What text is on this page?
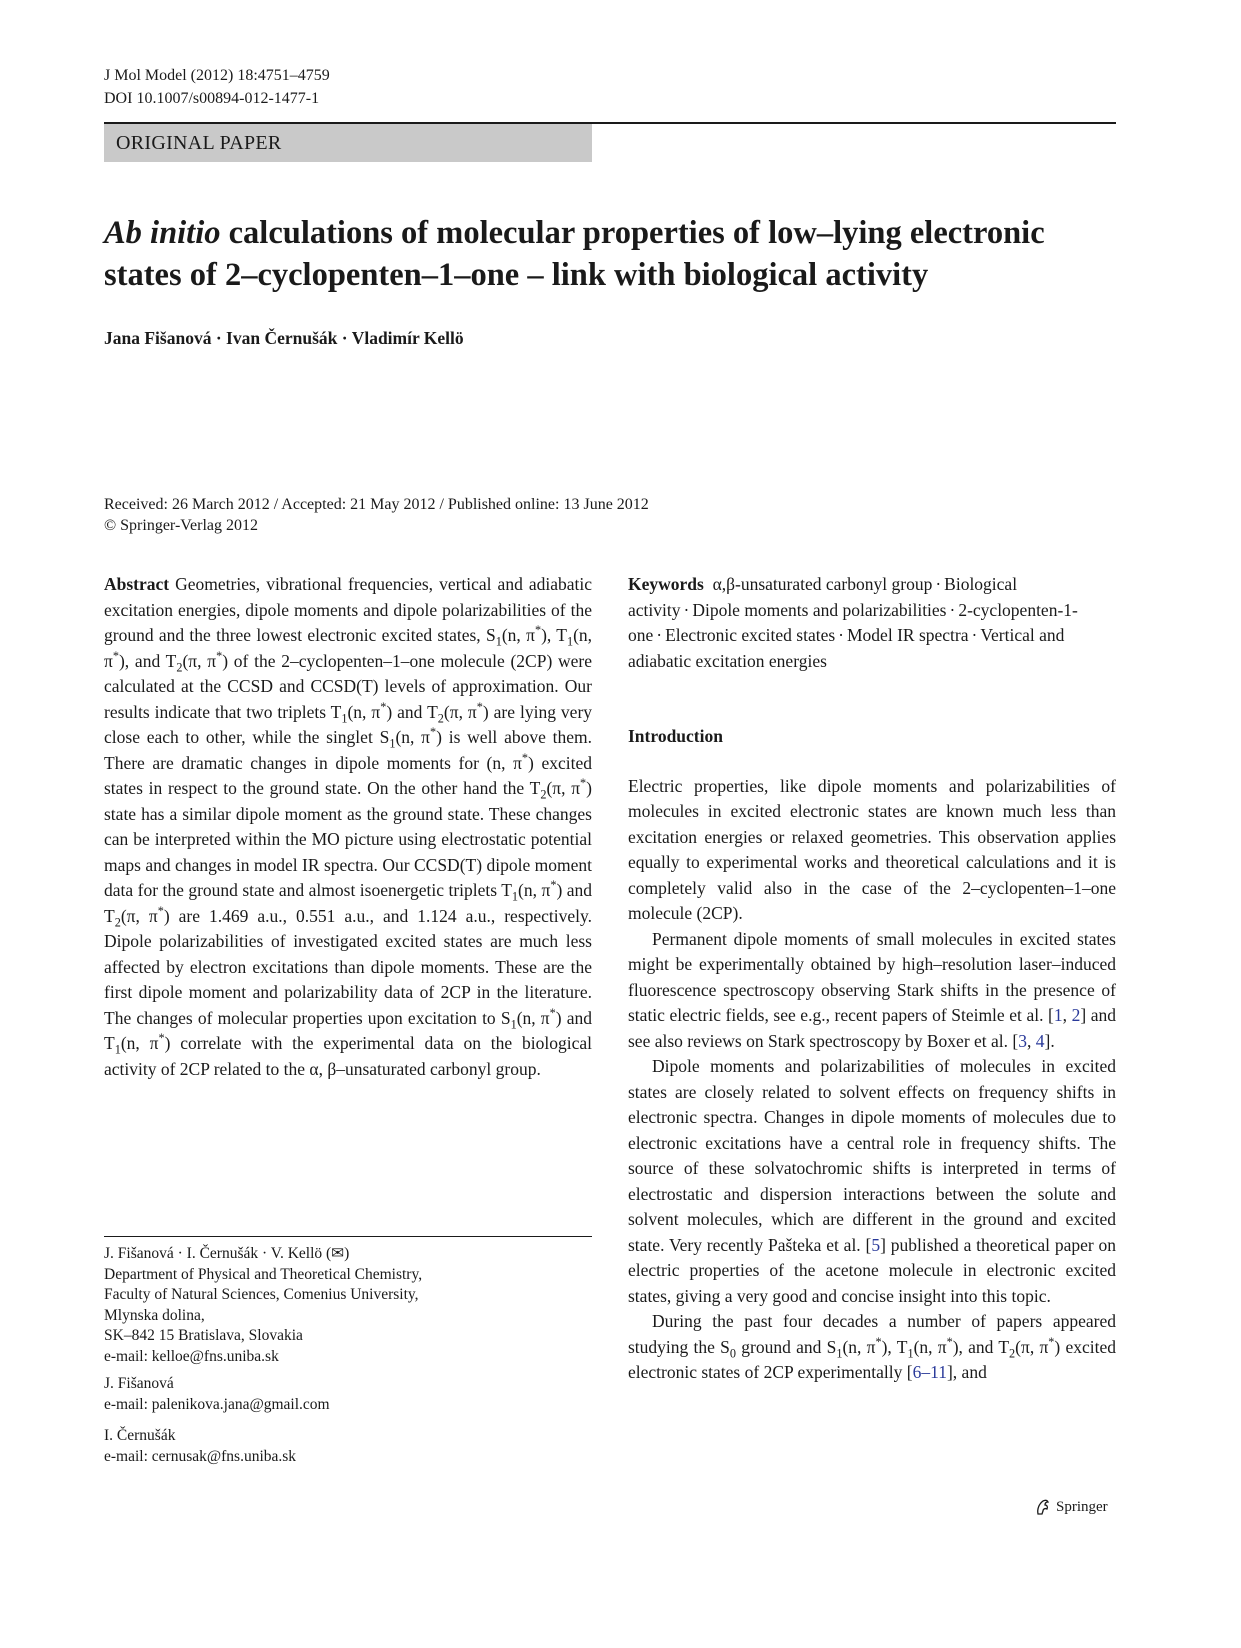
J Mol Model (2012) 18:4751–4759
DOI 10.1007/s00894-012-1477-1
ORIGINAL PAPER
Ab initio calculations of molecular properties of low–lying electronic
states of 2–cyclopenten–1–one – link with biological activity
Jana Fišanová · Ivan Černušák · Vladimír Kellö
Received: 26 March 2012 / Accepted: 21 May 2012 / Published online: 13 June 2012
© Springer-Verlag 2012

Abstract Geometries, vibrational frequencies, vertical and adiabatic excitation energies, dipole moments and dipole polarizabilities of the ground and the three lowest electronic excited states, $S_1(n$, π*), $T_1(n$, π*), and $T_2(\pi$, π*) of the 2–cyclopenten–1–one molecule (2CP) were calculated at the CCSD and CCSD(T) levels of approximation. Our results indicate that two triplets $T_1(n$, π*) and $T_2(\pi$, π*) are lying very close each to other, while the singlet $S_1(n$, π*) is well above them. There are dramatic changes in dipole moments for (n, π*) excited states in respect to the ground state. On the other hand the $T_2(\pi$, π*) state has a similar dipole moment as the ground state. These changes can be interpreted within the MO picture using electrostatic potential maps and changes in model IR spectra. Our CCSD(T) dipole moment data for the ground state and almost isoenergetic triplets $T_1(n$, π*) and $T_2(\pi$, π*) are 1.469 a.u., 0.551 a.u., and 1.124 a.u., respectively. Dipole polarizabilities of investigated excited states are much less affected by electron excitations than dipole moments. These are the first dipole moment and polarizability data of 2CP in the literature. The changes of molecular properties upon excitation to $S_1(n$, π*) and $T_1(n$, π*) correlate with the experimental data on the biological activity of 2CP related to the α, β–unsaturated carbonyl group.

J. Fišanová · I. Černušák · V. Kellö (✉)
Department of Physical and Theoretical Chemistry,
Faculty of Natural Sciences, Comenius University,
Mlynska dolina,
SK–842 15 Bratislava, Slovakia
e-mail: kelloe@fns.uniba.sk
J. Fišanová
e-mail: palenikova.jana@gmail.com
I. Černušák
e-mail: cernusak@fns.uniba.sk

Keywords α,β-unsaturated carbonyl group · Biological activity · Dipole moments and polarizabilities · 2-cyclopenten-1-one · Electronic excited states · Model IR spectra · Vertical and adiabatic excitation energies

Introduction

Electric properties, like dipole moments and polarizabilities of molecules in excited electronic states are known much less than excitation energies or relaxed geometries. This observation applies equally to experimental works and theoretical calculations and it is completely valid also in the case of the 2–cyclopenten–1–one molecule (2CP).

Permanent dipole moments of small molecules in excited states might be experimentally obtained by high–resolution laser–induced fluorescence spectroscopy observing Stark shifts in the presence of static electric fields, see e.g., recent papers of Steimle et al. [1, 2] and see also reviews on Stark spectroscopy by Boxer et al. [3, 4].

Dipole moments and polarizabilities of molecules in excited states are closely related to solvent effects on frequency shifts in electronic spectra. Changes in dipole moments of molecules due to electronic excitations have a central role in frequency shifts. The source of these solvatochromic shifts is interpreted in terms of electrostatic and dispersion interactions between the solute and solvent molecules, which are different in the ground and excited state. Very recently Pašteka et al. [5] published a theoretical paper on electric properties of the acetone molecule in electronic excited states, giving a very good and concise insight into this topic.

During the past four decades a number of papers appeared studying the $S_0$ ground and $S_1(n$, π*), $T_1(n$, π*), and $T_2(\pi$, π*) excited electronic states of 2CP experimentally [6–11], and

Springer
